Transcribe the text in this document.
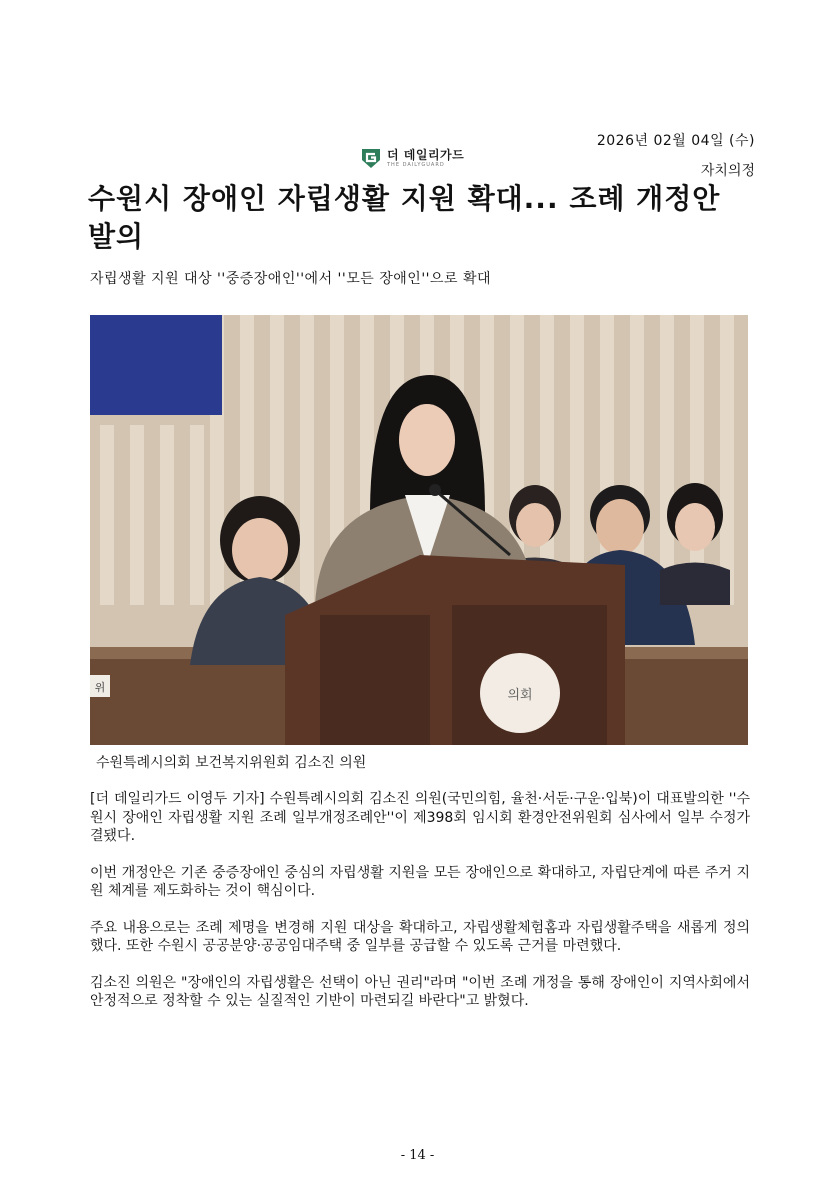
2026년 02월 04일 (수)
더 데일리가드
THE DAILYGUARD	자치의정
수원시 장애인 자립생활 지원 확대... 조례 개정안 발의
자립생활 지원 대상 ''중증장애인''에서 ''모든 장애인''으로 확대
의회
위
수원특례시의회 보건복지위원회 김소진 의원

[더 데일리가드 이영두 기자] 수원특례시의회 김소진 의원(국민의힘, 율천·서둔·구운·입북)이 대표발의한 ''수원시 장애인 자립생활 지원 조례 일부개정조례안''이 제398회 임시회 환경안전위원회 심사에서 일부 수정가결됐다.

이번 개정안은 기존 중증장애인 중심의 자립생활 지원을 모든 장애인으로 확대하고, 자립단계에 따른 주거 지원 체계를 제도화하는 것이 핵심이다.

주요 내용으로는 조례 제명을 변경해 지원 대상을 확대하고, 자립생활체험홈과 자립생활주택을 새롭게 정의했다. 또한 수원시 공공분양·공공임대주택 중 일부를 공급할 수 있도록 근거를 마련했다.

김소진 의원은 "장애인의 자립생활은 선택이 아닌 권리"라며 "이번 조례 개정을 통해 장애인이 지역사회에서 안정적으로 정착할 수 있는 실질적인 기반이 마련되길 바란다"고 밝혔다.

- 14 -
